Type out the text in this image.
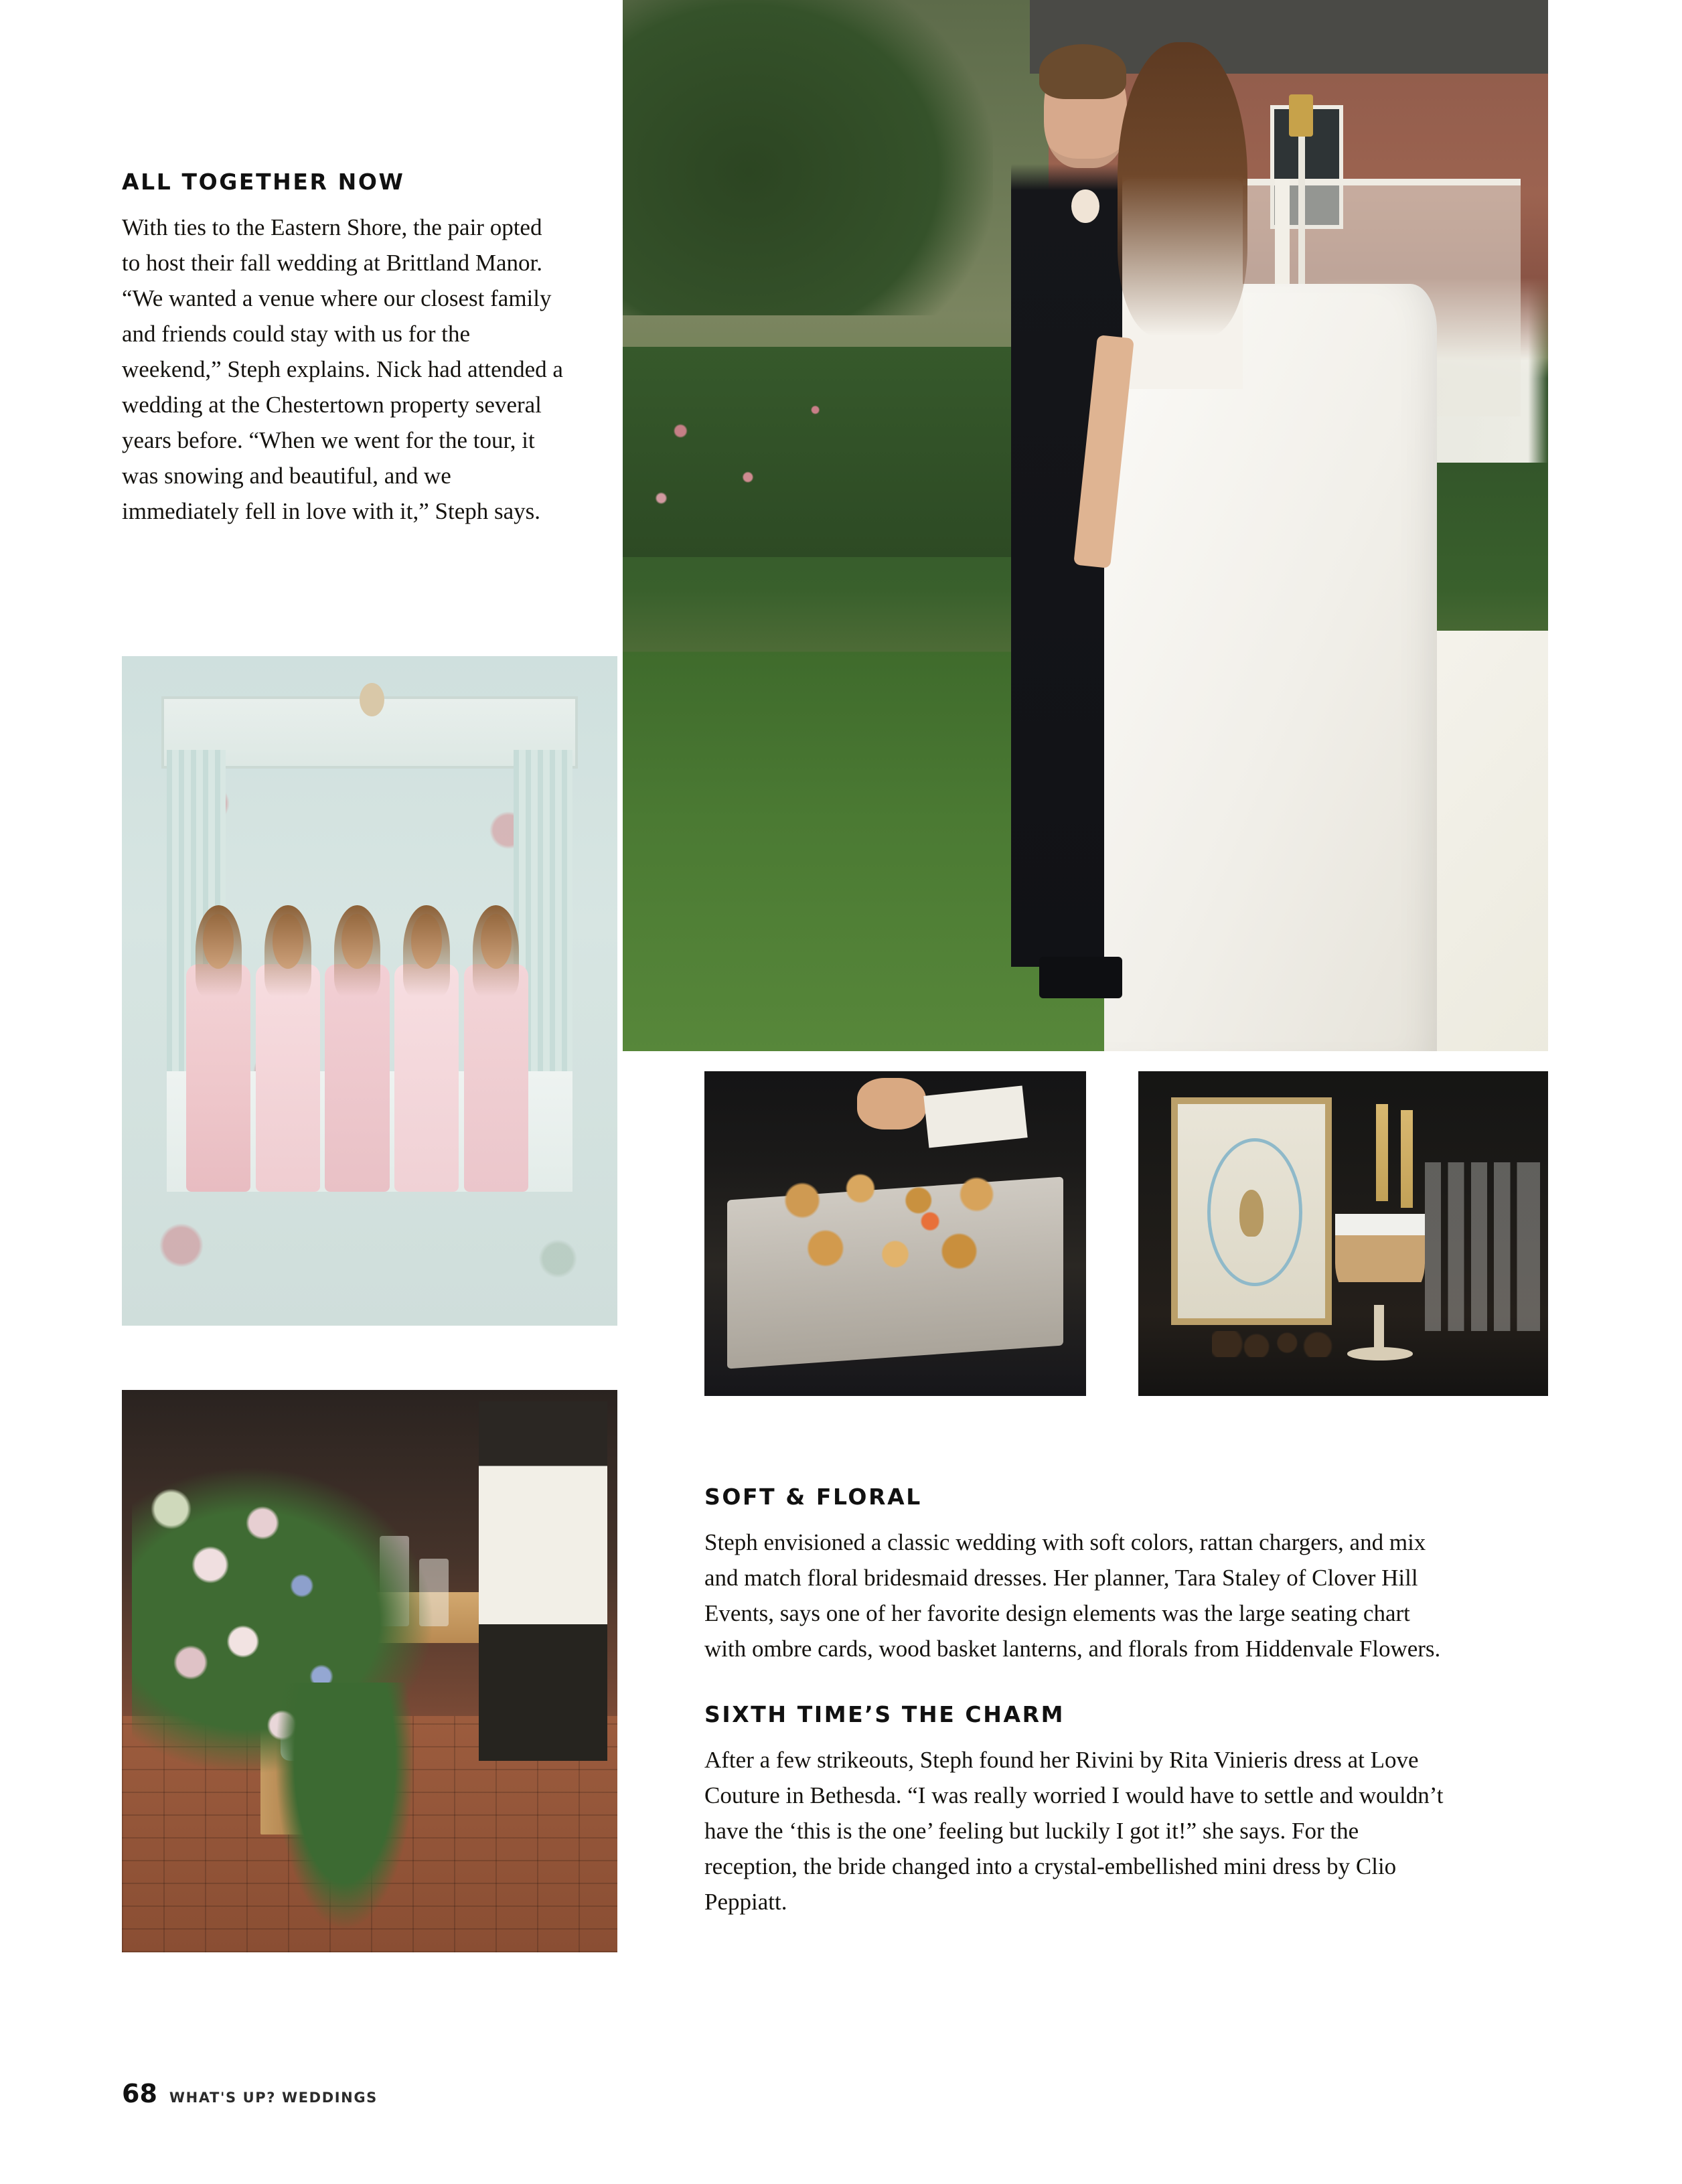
ALL TOGETHER NOW

With ties to the Eastern Shore, the pair opted to host their fall wedding at Brittland Manor. “We wanted a venue where our closest family and friends could stay with us for the weekend,” Steph explains. Nick had attended a wedding at the Chestertown property several years before. “When we went for the tour, it was snowing and beautiful, and we immediately fell in love with it,” Steph says.

SOFT & FLORAL

Steph envisioned a classic wedding with soft colors, rattan chargers, and mix and match floral bridesmaid dresses. Her planner, Tara Staley of Clover Hill Events, says one of her favorite design elements was the large seating chart with ombre cards, wood basket lanterns, and florals from Hiddenvale Flowers.

SIXTH TIME’S THE CHARM

After a few strikeouts, Steph found her Rivini by Rita Vinieris dress at Love Couture in Bethesda. “I was really worried I would have to settle and wouldn’t have the ‘this is the one’ feeling but luckily I got it!” she says. For the reception, the bride changed into a crystal-embellished mini dress by Clio Peppiatt.

68 WHAT'S UP? WEDDINGS
